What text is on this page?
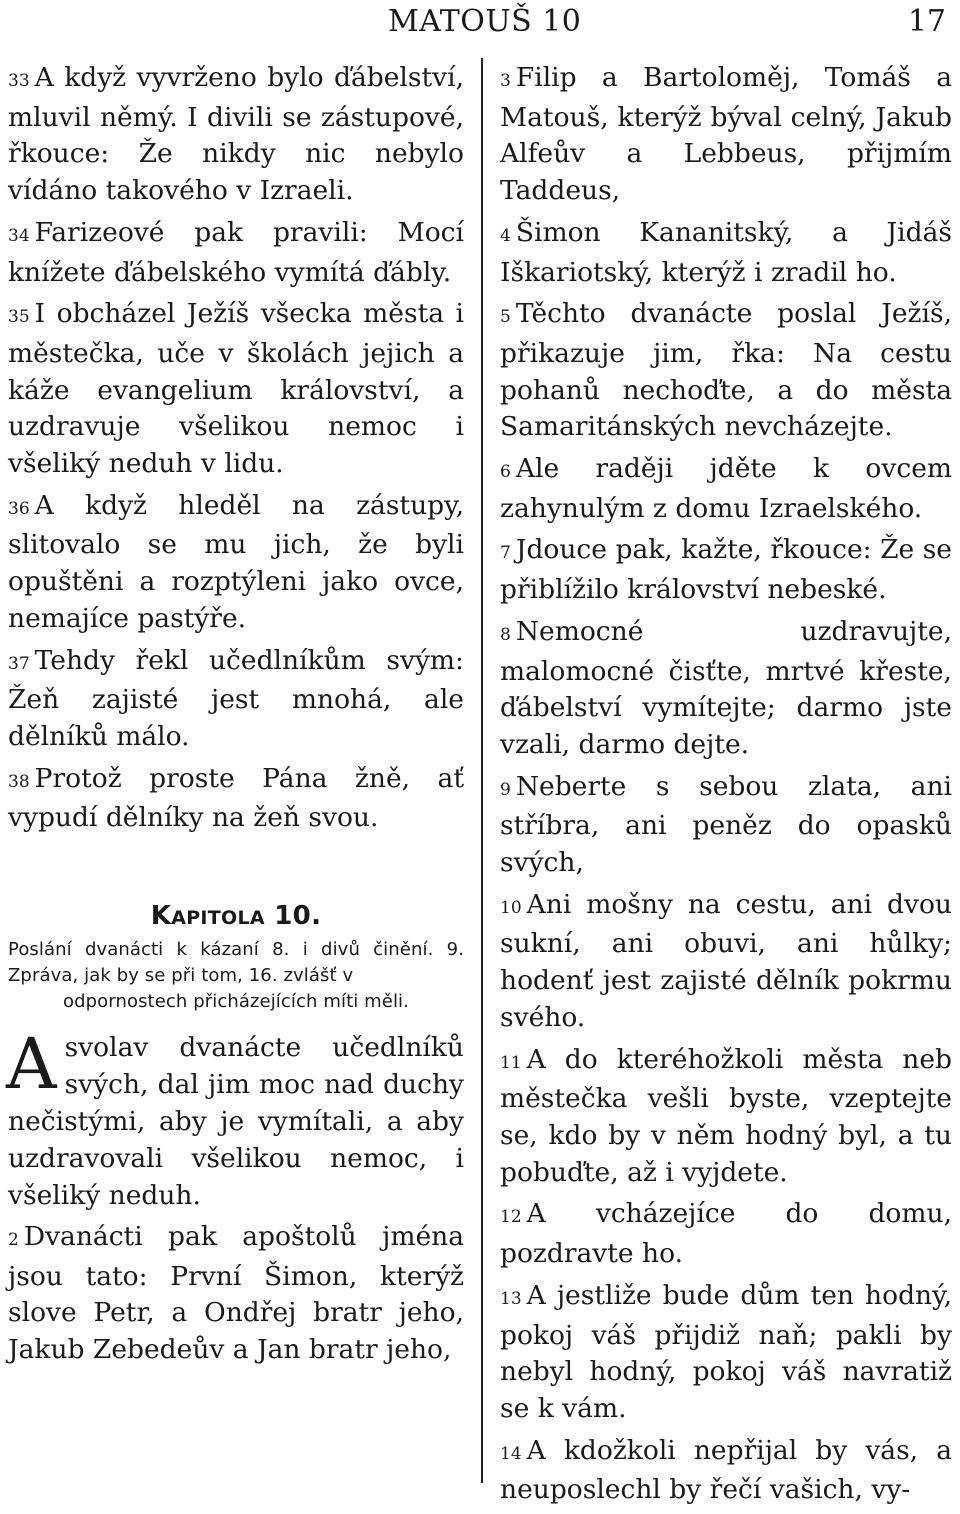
MATOUŠ 10	17

33 A když vyvrženo bylo ďábelství, mluvil němý. I divili se zástupové, řkouce: Že nikdy nic nebylo vídáno takového v Izraeli.

34 Farizeové pak pravili: Mocí knížete ďábelského vymítá ďábly.

35 I obcházel Ježíš všecka města i městečka, uče v školách jejich a káže evangelium království, a uzdravuje všelikou nemoc i všeliký neduh v lidu.

36 A když hleděl na zástupy, slitovalo se mu jich, že byli opuštěni a rozptýleni jako ovce, nemajíce pastýře.

37 Tehdy řekl učedlníkům svým: Žeň zajisté jest mnohá, ale dělníků málo.

38 Protož proste Pána žně, ať vypudí dělníky na žeň svou.

KAPITOLA 10.
Poslání dvanácti k kázaní 8. i divů činění. 9. Zpráva, jak by se při tom, 16. zvlášť v
odpornostech přicházejících míti měli.

Asvolav dvanácte učedlníků svých, dal jim moc nad duchy nečistými, aby je vymítali, a aby uzdravovali všelikou nemoc, i všeliký neduh.

2 Dvanácti pak apoštolů jména jsou tato: První Šimon, kterýž slove Petr, a Ondřej bratr jeho, Jakub Zebedeův a Jan bratr jeho,

3 Filip a Bartoloměj, Tomáš a Matouš, kterýž býval celný, Jakub Alfeův a Lebbeus, přijmím Taddeus,

4 Šimon Kananitský, a Jidáš Iškariotský, kterýž i zradil ho.

5 Těchto dvanácte poslal Ježíš, přikazuje jim, řka: Na cestu pohanů nechoďte, a do města Samaritánských nevcházejte.

6 Ale raději jděte k ovcem zahynulým z domu Izraelského.

7 Jdouce pak, kažte, řkouce: Že se přiblížilo království nebeské.

8 Nemocné uzdravujte, malomocné čisťte, mrtvé křeste, ďábelství vymítejte; darmo jste vzali, darmo dejte.

9 Neberte s sebou zlata, ani stříbra, ani peněz do opasků svých,

10 Ani mošny na cestu, ani dvou sukní, ani obuvi, ani hůlky; hodenť jest zajisté dělník pokrmu svého.

11 A do kteréhožkoli města neb městečka vešli byste, vzeptejte se, kdo by v něm hodný byl, a tu pobuďte, až i vyjdete.

12 A vcházejíce do domu, pozdravte ho.

13 A jestliže bude dům ten hodný, pokoj váš přijdiž naň; pakli by nebyl hodný, pokoj váš navratiž se k vám.

14 A kdožkoli nepřijal by vás, a neuposlechl by řečí vašich, vy-
